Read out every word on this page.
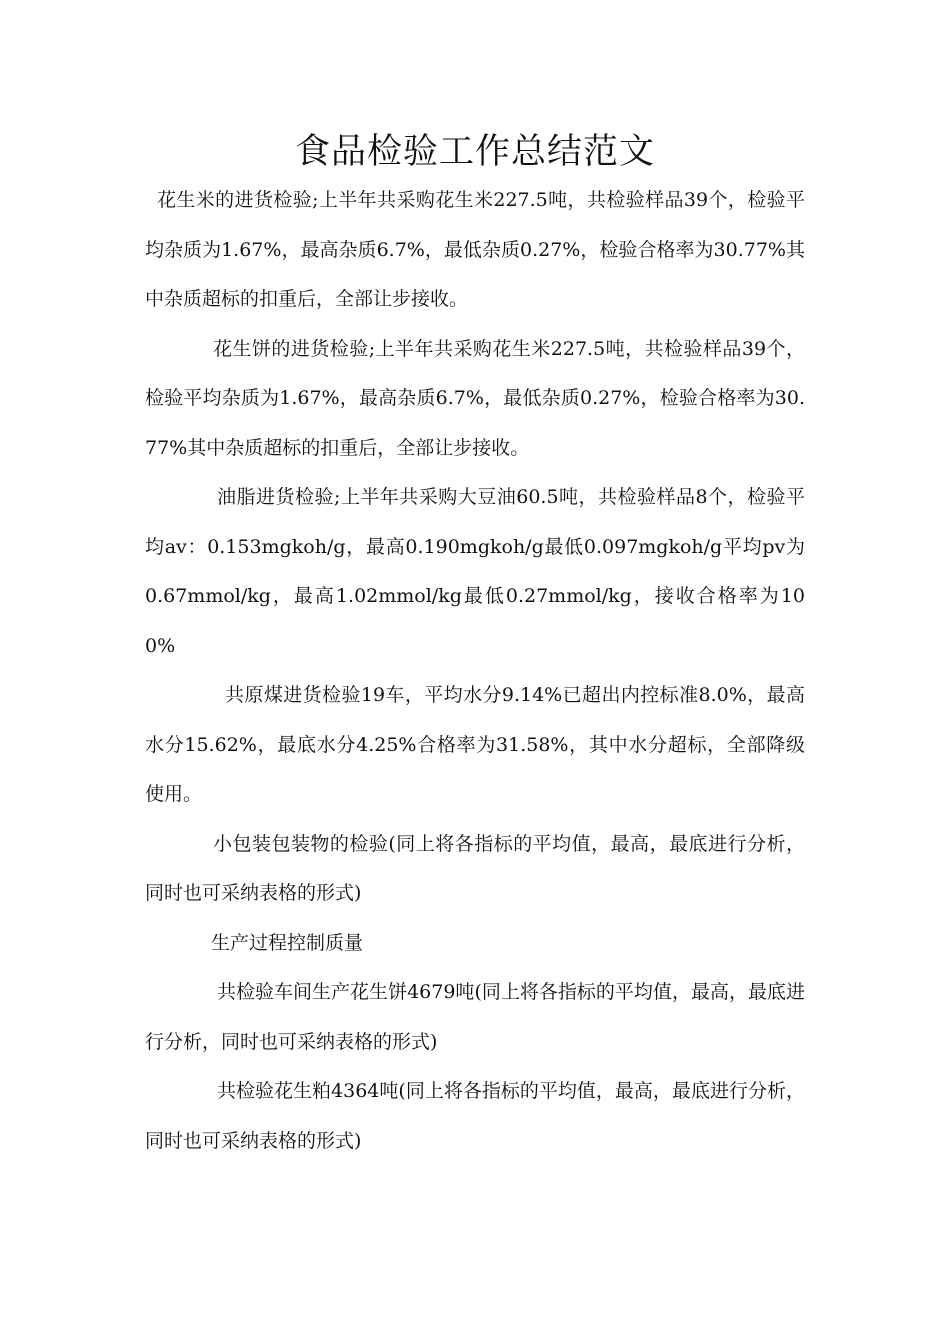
食品检验工作总结范文

花生米的进货检验;上半年共采购花生米227.5吨，共检验样品39个，检验平均杂质为1.67%，最高杂质6.7%，最低杂质0.27%，检验合格率为30.77%其中杂质超标的扣重后，全部让步接收。

花生饼的进货检验;上半年共采购花生米227.5吨，共检验样品39个，检验平均杂质为1.67%，最高杂质6.7%，最低杂质0.27%，检验合格率为30.77%其中杂质超标的扣重后，全部让步接收。

油脂进货检验;上半年共采购大豆油60.5吨，共检验样品8个，检验平均av：0.153mgkoh/g，最高0.190mgkoh/g最低0.097mgkoh/g平均pv为0.67mmol/kg，最高1.02mmol/kg最低0.27mmol/kg，接收合格率为100%

共原煤进货检验19车，平均水分9.14%已超出内控标准8.0%，最高水分15.62%，最底水分4.25%合格率为31.58%，其中水分超标，全部降级使用。

小包装包装物的检验(同上将各指标的平均值，最高，最底进行分析，同时也可采纳表格的形式)

生产过程控制质量

共检验车间生产花生饼4679吨(同上将各指标的平均值，最高，最底进行分析，同时也可采纳表格的形式)

共检验花生粕4364吨(同上将各指标的平均值，最高，最底进行分析，同时也可采纳表格的形式)
